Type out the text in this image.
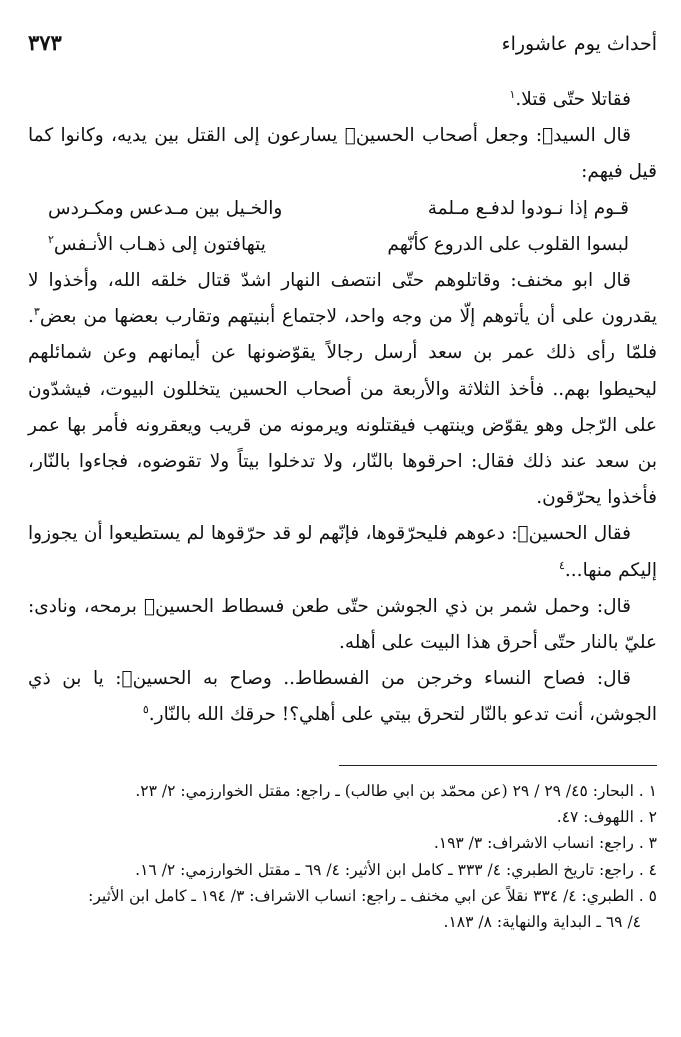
أحداث يوم عاشوراء
٣٧٣

فقاتلا حتّى قتلا.$^١$

قال السيد﷢: وجعل أصحاب الحسين﷢ يسارعون إلى القتل بين يديه، وكانوا كما قيل فيهم:

قـوم إذا نـودوا لدفـع مـلمة
والخـيل بين مـدعس ومكـردس
لبسوا القلوب على الدروع كأنّهم
يتهافتون إلى ذهـاب الأنـفس$^٢$

قال ابو مخنف: وقاتلوهم حتّى انتصف النهار اشدّ قتال خلقه الله، وأخذوا لا يقدرون على أن يأتوهم إلّا من وجه واحد، لاجتماع أبنيتهم وتقارب بعضها من بعض$^٣$. فلمّا رأى ذلك عمر بن سعد أرسل رجالاً يقوّضونها عن أيمانهم وعن شمائلهم ليحيطوا بهم.. فأخذ الثلاثة والأربعة من أصحاب الحسين يتخللون البيوت، فيشدّون على الرّجل وهو يقوّض وينتهب فيقتلونه ويرمونه من قريب ويعقرونه فأمر بها عمر بن سعد عند ذلك فقال: احرقوها بالنّار، ولا تدخلوا بيتاً ولا تقوضوه، فجاءوا بالنّار، فأخذوا يحرّقون.

فقال الحسين﷢: دعوهم فليحرّقوها، فإنّهم لو قد حرّقوها لم يستطيعوا أن يجوزوا إليكم منها...$^٤$

قال: وحمل شمر بن ذي الجوشن حتّى طعن فسطاط الحسين﷢ برمحه، ونادى: عليّ بالنار حتّى أحرق هذا البيت على أهله.

قال: فصاح النساء وخرجن من الفسطاط.. وصاح به الحسين﷢: يا بن ذي الجوشن، أنت تدعو بالنّار لتحرق بيتي على أهلي؟! حرقك الله بالنّار.$^٥$

١ . البحار: ٤٥/ ٢٩ / ٢٩ (عن محمّد بن ابي طالب) ـ راجع: مقتل الخوارزمي: ٢/ ٢٣.

٢ . اللهوف: ٤٧.

٣ . راجع: انساب الاشراف: ٣/ ١٩٣.

٤ . راجع: تاريخ الطبري: ٤/ ٣٣٣ ـ كامل ابن الأثير: ٤/ ٦٩ ـ مقتل الخوارزمي: ٢/ ١٦.

٥ . الطبري: ٤/ ٣٣٤ نقلاً عن ابي مخنف ـ راجع: انساب الاشراف: ٣/ ١٩٤ ـ كامل ابن الأثير:

٤/ ٦٩ ـ البداية والنهاية: ٨/ ١٨٣.
